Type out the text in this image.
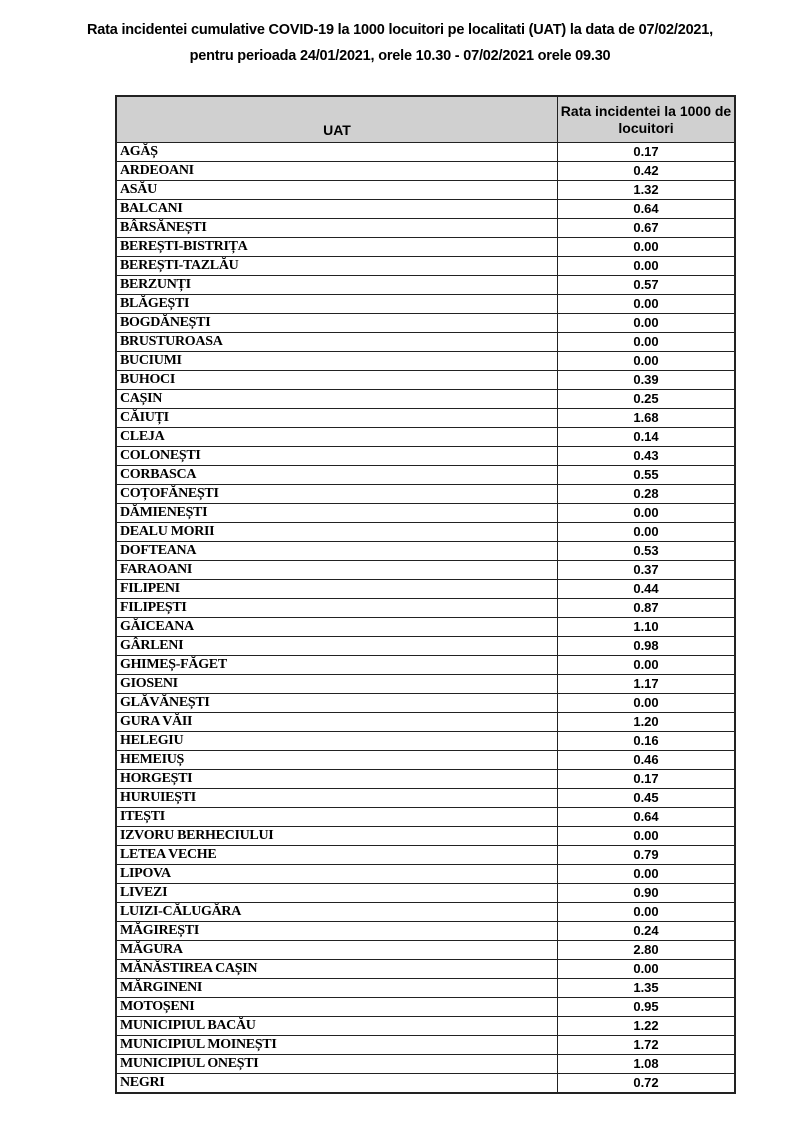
Rata incidentei cumulative COVID-19 la 1000 locuitori pe localitati (UAT) la data de 07/02/2021,
pentru perioada 24/01/2021, orele 10.30 - 07/02/2021 orele 09.30
UAT	Rata incidentei la 1000 de locuitori
AGĂȘ	0.17
ARDEOANI	0.42
ASĂU	1.32
BALCANI	0.64
BÂRSĂNEȘTI	0.67
BEREȘTI-BISTRIȚA	0.00
BEREȘTI-TAZLĂU	0.00
BERZUNȚI	0.57
BLĂGEȘTI	0.00
BOGDĂNEȘTI	0.00
BRUSTUROASA	0.00
BUCIUMI	0.00
BUHOCI	0.39
CAȘIN	0.25
CĂIUȚI	1.68
CLEJA	0.14
COLONEȘTI	0.43
CORBASCA	0.55
COȚOFĂNEȘTI	0.28
DĂMIENEȘTI	0.00
DEALU MORII	0.00
DOFTEANA	0.53
FARAOANI	0.37
FILIPENI	0.44
FILIPEȘTI	0.87
GĂICEANA	1.10
GÂRLENI	0.98
GHIMEȘ-FĂGET	0.00
GIOSENI	1.17
GLĂVĂNEȘTI	0.00
GURA VĂII	1.20
HELEGIU	0.16
HEMEIUȘ	0.46
HORGEȘTI	0.17
HURUIEȘTI	0.45
ITEȘTI	0.64
IZVORU BERHECIULUI	0.00
LETEA VECHE	0.79
LIPOVA	0.00
LIVEZI	0.90
LUIZI-CĂLUGĂRA	0.00
MĂGIREȘTI	0.24
MĂGURA	2.80
MĂNĂSTIREA CAȘIN	0.00
MĂRGINENI	1.35
MOTOȘENI	0.95
MUNICIPIUL BACĂU	1.22
MUNICIPIUL MOINEȘTI	1.72
MUNICIPIUL ONEȘTI	1.08
NEGRI	0.72
